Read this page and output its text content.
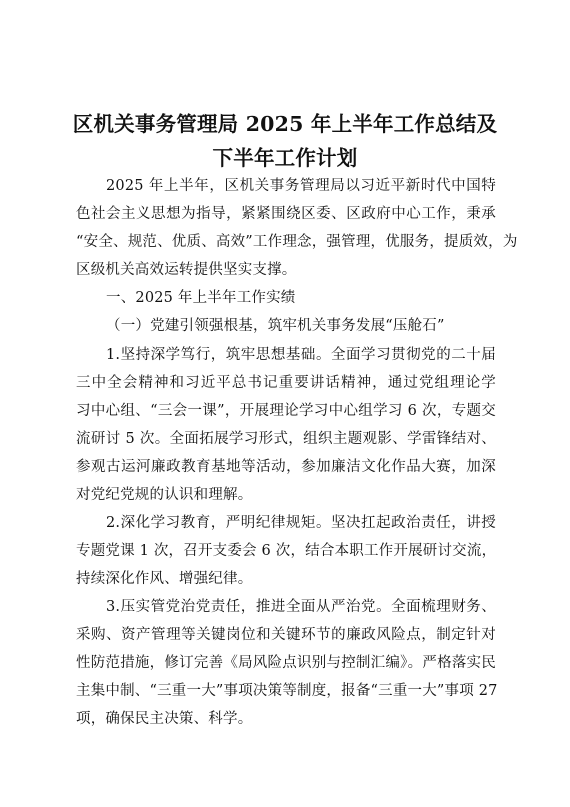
区机关事务管理局 2025 年上半年工作总结及
下半年工作计划
2025 年上半年，区机关事务管理局以习近平新时代中国特
色社会主义思想为指导，紧紧围绕区委、区政府中心工作，秉承
“安全、规范、优质、高效”工作理念，强管理，优服务，提质效，为
区级机关高效运转提供坚实支撑。
一、2025 年上半年工作实绩
（一）党建引领强根基，筑牢机关事务发展“压舱石”
1.坚持深学笃行，筑牢思想基础。全面学习贯彻党的二十届
三中全会精神和习近平总书记重要讲话精神，通过党组理论学
习中心组、“三会一课”，开展理论学习中心组学习 6 次，专题交
流研讨 5 次。全面拓展学习形式，组织主题观影、学雷锋结对、
参观古运河廉政教育基地等活动，参加廉洁文化作品大赛，加深
对党纪党规的认识和理解。
2.深化学习教育，严明纪律规矩。坚决扛起政治责任，讲授
专题党课 1 次，召开支委会 6 次，结合本职工作开展研讨交流，
持续深化作风、增强纪律。
3.压实管党治党责任，推进全面从严治党。全面梳理财务、
采购、资产管理等关键岗位和关键环节的廉政风险点，制定针对
性防范措施，修订完善《局风险点识别与控制汇编》。严格落实民
主集中制、“三重一大”事项决策等制度，报备“三重一大”事项 27
项，确保民主决策、科学。
